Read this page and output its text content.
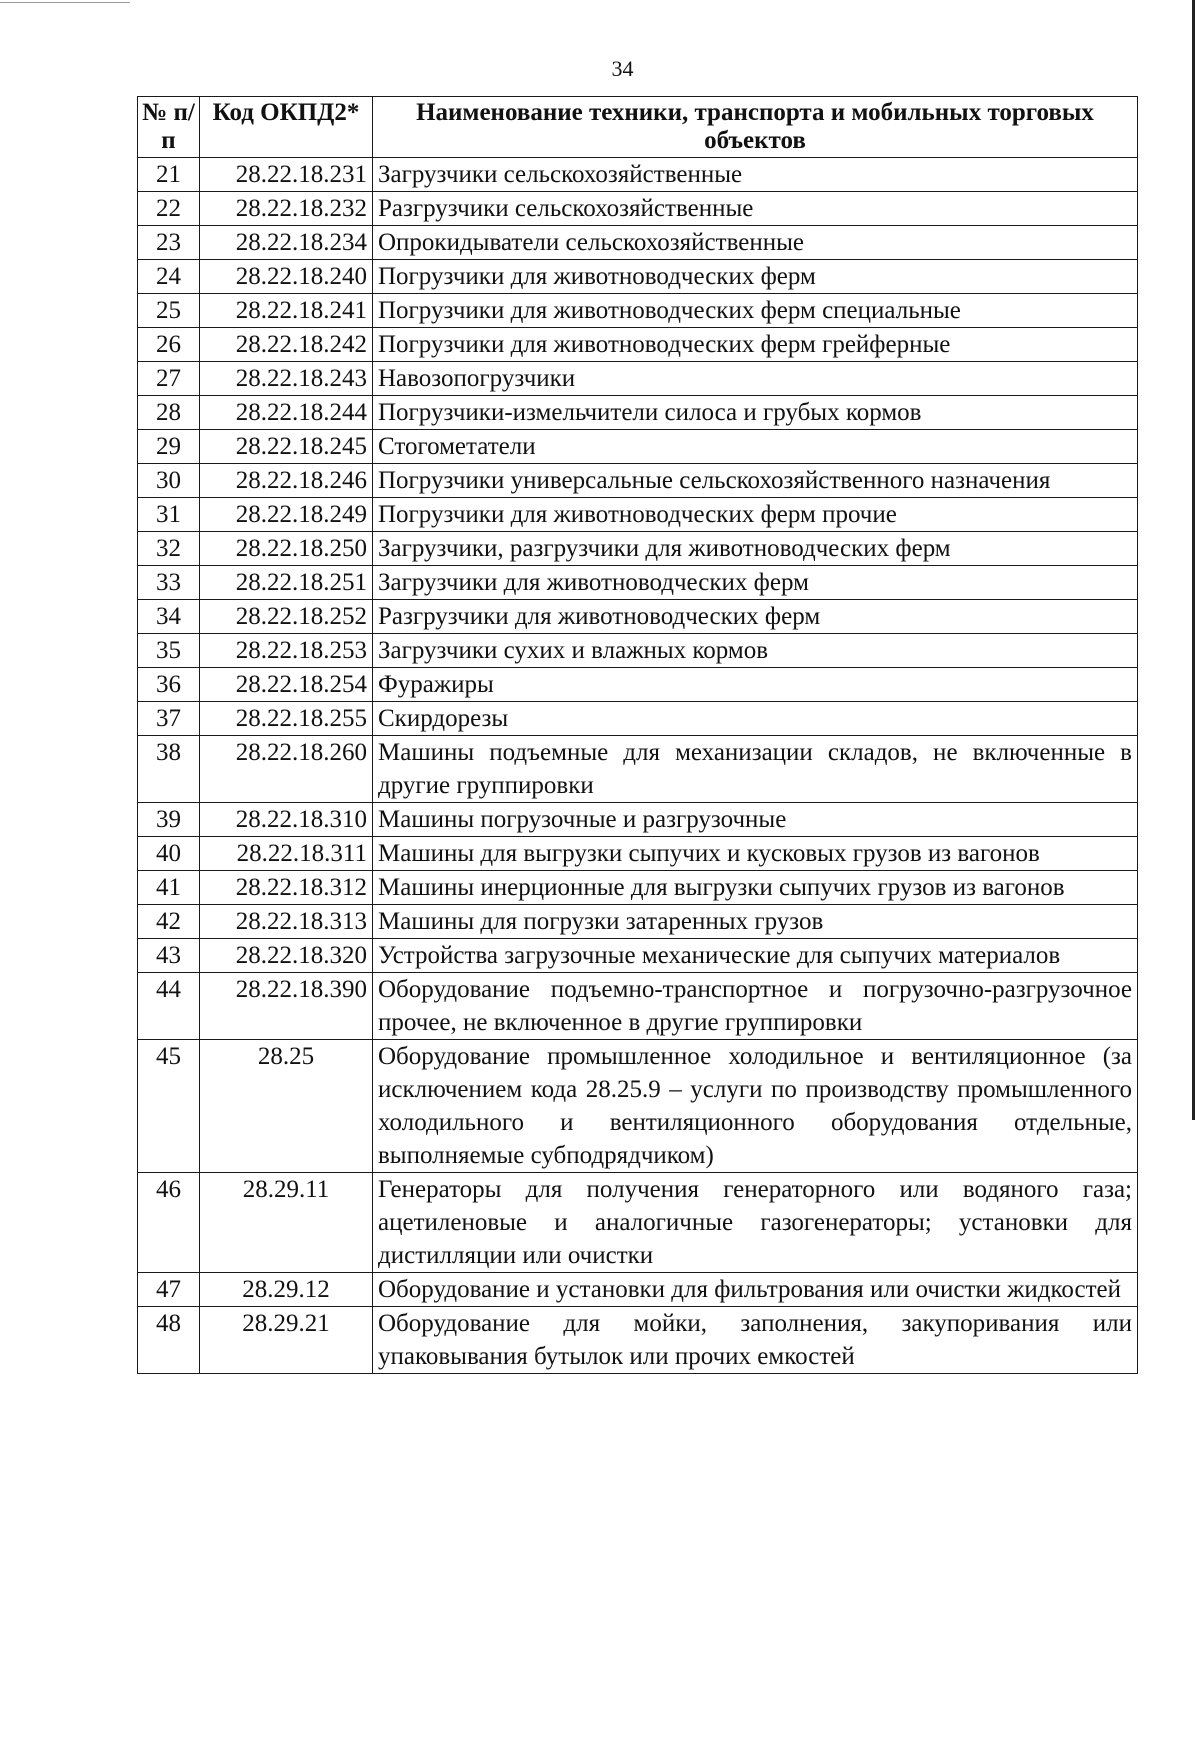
34
№ п/п	Код ОКПД2*	Наименование техники, транспорта и мобильных торговых объектов
21	28.22.18.231	Загрузчики сельскохозяйственные
22	28.22.18.232	Разгрузчики сельскохозяйственные
23	28.22.18.234	Опрокидыватели сельскохозяйственные
24	28.22.18.240	Погрузчики для животноводческих ферм
25	28.22.18.241	Погрузчики для животноводческих ферм специальные
26	28.22.18.242	Погрузчики для животноводческих ферм грейферные
27	28.22.18.243	Навозопогрузчики
28	28.22.18.244	Погрузчики-измельчители силоса и грубых кормов
29	28.22.18.245	Стогометатели
30	28.22.18.246	Погрузчики универсальные сельскохозяйственного назначения
31	28.22.18.249	Погрузчики для животноводческих ферм прочие
32	28.22.18.250	Загрузчики, разгрузчики для животноводческих ферм
33	28.22.18.251	Загрузчики для животноводческих ферм
34	28.22.18.252	Разгрузчики для животноводческих ферм
35	28.22.18.253	Загрузчики сухих и влажных кормов
36	28.22.18.254	Фуражиры
37	28.22.18.255	Скирдорезы
38	28.22.18.260	Машины подъемные для механизации складов, не включенные в другие группировки
39	28.22.18.310	Машины погрузочные и разгрузочные
40	28.22.18.311	Машины для выгрузки сыпучих и кусковых грузов из вагонов
41	28.22.18.312	Машины инерционные для выгрузки сыпучих грузов из вагонов
42	28.22.18.313	Машины для погрузки затаренных грузов
43	28.22.18.320	Устройства загрузочные механические для сыпучих материалов
44	28.22.18.390	Оборудование подъемно-транспортное и погрузочно-разгрузочное прочее, не включенное в другие группировки
45	28.25	Оборудование промышленное холодильное и вентиляционное (за исключением кода 28.25.9 – услуги по производству промышленного холодильного и вентиляционного оборудования отдельные, выполняемые субподрядчиком)
46	28.29.11	Генераторы для получения генераторного или водяного газа; ацетиленовые и аналогичные газогенераторы; установки для дистилляции или очистки
47	28.29.12	Оборудование и установки для фильтрования или очистки жидкостей
48	28.29.21	Оборудование для мойки, заполнения, закупоривания или упаковывания бутылок или прочих емкостей
